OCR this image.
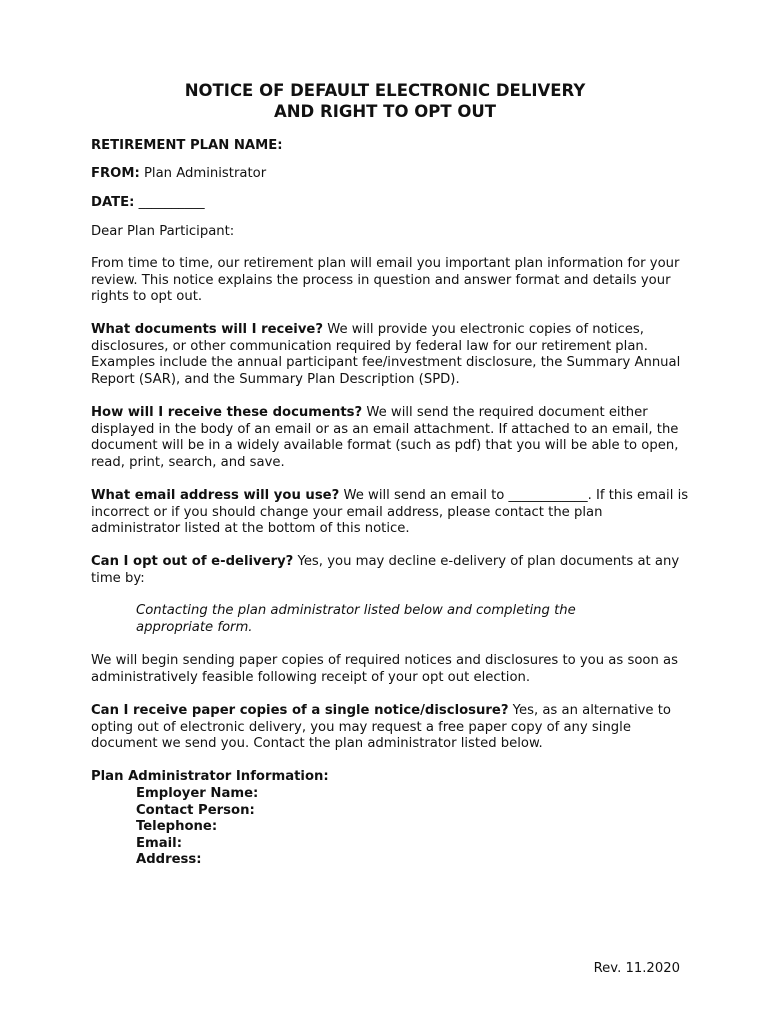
NOTICE OF DEFAULT ELECTRONIC DELIVERY
AND RIGHT TO OPT OUT

RETIREMENT PLAN NAME:

FROM: Plan Administrator

DATE: __________

Dear Plan Participant:

From time to time, our retirement plan will email you important plan information for your review. This notice explains the process in question and answer format and details your rights to opt out.

What documents will I receive? We will provide you electronic copies of notices, disclosures, or other communication required by federal law for our retirement plan. Examples include the annual participant fee/investment disclosure, the Summary Annual Report (SAR), and the Summary Plan Description (SPD).

How will I receive these documents? We will send the required document either displayed in the body of an email or as an email attachment. If attached to an email, the document will be in a widely available format (such as pdf) that you will be able to open, read, print, search, and save.

What email address will you use? We will send an email to ____________. If this email is incorrect or if you should change your email address, please contact the plan administrator listed at the bottom of this notice.

Can I opt out of e-delivery? Yes, you may decline e-delivery of plan documents at any time by:

Contacting the plan administrator listed below and completing the appropriate form.

We will begin sending paper copies of required notices and disclosures to you as soon as administratively feasible following receipt of your opt out election.

Can I receive paper copies of a single notice/disclosure? Yes, as an alternative to opting out of electronic delivery, you may request a free paper copy of any single document we send you. Contact the plan administrator listed below.

Plan Administrator Information:

Employer Name:
Contact Person:
Telephone:
Email:
Address:

Rev. 11.2020
